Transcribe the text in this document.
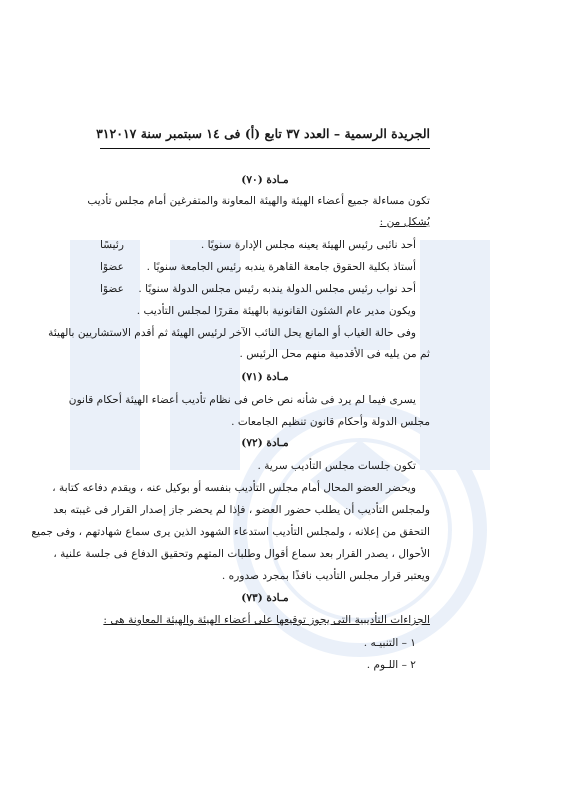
الجريدة الرسمية – العدد ٣٧ تابع (أ) فى ١٤ سبتمبر سنة ٢٠١٧
٣١
مـادة (٧٠)
تكون مساءلة جميع أعضاء الهيئة والهيئة المعاونة والمتفرغين أمام مجلس تأديب
يُشكل من :
أحد نائبى رئيس الهيئة يعينه مجلس الإدارة سنويًا .
رئيسًا
أستاذ بكلية الحقوق جامعة القاهرة يندبه رئيس الجامعة سنويًا .
عضوًا
أحد نواب رئيس مجلس الدولة يندبه رئيس مجلس الدولة سنويًا .
عضوًا
ويكون مدير عام الشئون القانونية بالهيئة مقررًا لمجلس التأديب .
وفى حالة الغياب أو المانع يحل النائب الآخر لرئيس الهيئة ثم أقدم الاستشاريين بالهيئة
ثم من يليه فى الأقدمية منهم محل الرئيس .
مـادة (٧١)
يسرى فيما لم يرد فى شأنه نص خاص فى نظام تأديب أعضاء الهيئة أحكام قانون
مجلس الدولة وأحكام قانون تنظيم الجامعات .
مـادة (٧٢)
تكون جلسات مجلس التأديب سرية .
ويحضر العضو المحال أمام مجلس التأديب بنفسه أو بوكيل عنه ، ويقدم دفاعه كتابة ،
ولمجلس التأديب أن يطلب حضور العضو ، فإذا لم يحضر جاز إصدار القرار فى غيبته بعد
التحقق من إعلانه ، ولمجلس التأديب استدعاء الشهود الذين يرى سماع شهادتهم ، وفى جميع
الأحوال ، يصدر القرار بعد سماع أقوال وطلبات المتهم وتحقيق الدفاع فى جلسة علنية ،
ويعتبر قرار مجلس التأديب نافذًا بمجرد صدوره .
مـادة (٧٣)
الجزاءات التأديبية التى يجوز توقيعها على أعضاء الهيئة والهيئة المعاونة هى :
١ – التنبيـه .
٢ – اللـوم .
